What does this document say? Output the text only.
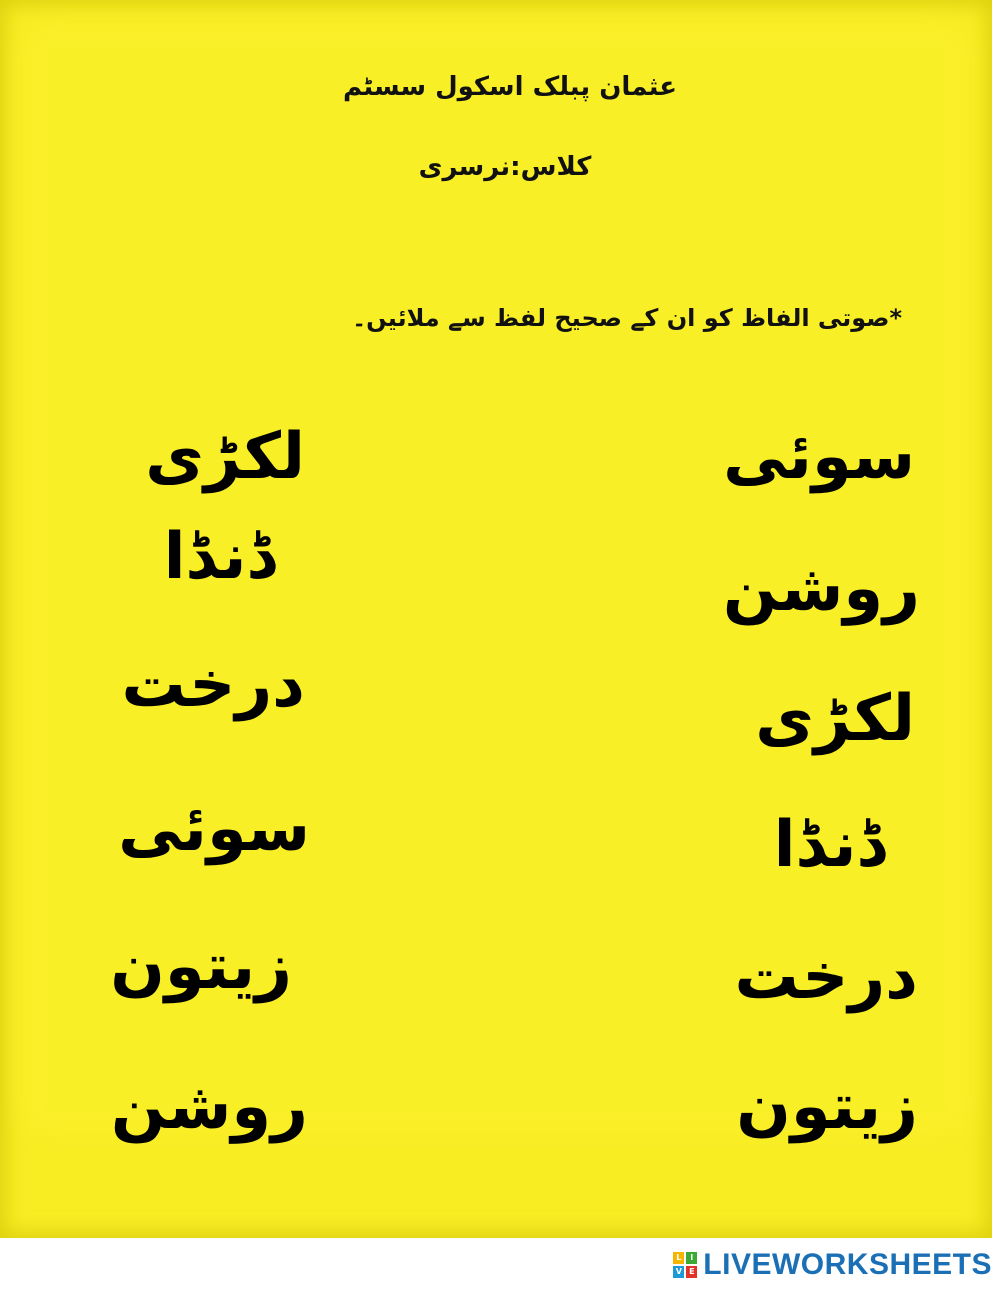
عثمان پبلک اسکول سسٹم
کلاس:نرسری
*صوتی الفاظ کو ان کے صحیح لفظ سے ملائیں۔
لکڑی
ڈنڈا
درخت
سوئی
زیتون
روشن
سوئی
روشن
لکڑی
ڈنڈا
درخت
زیتون
L	I
V E LIVEWORKSHEETS
